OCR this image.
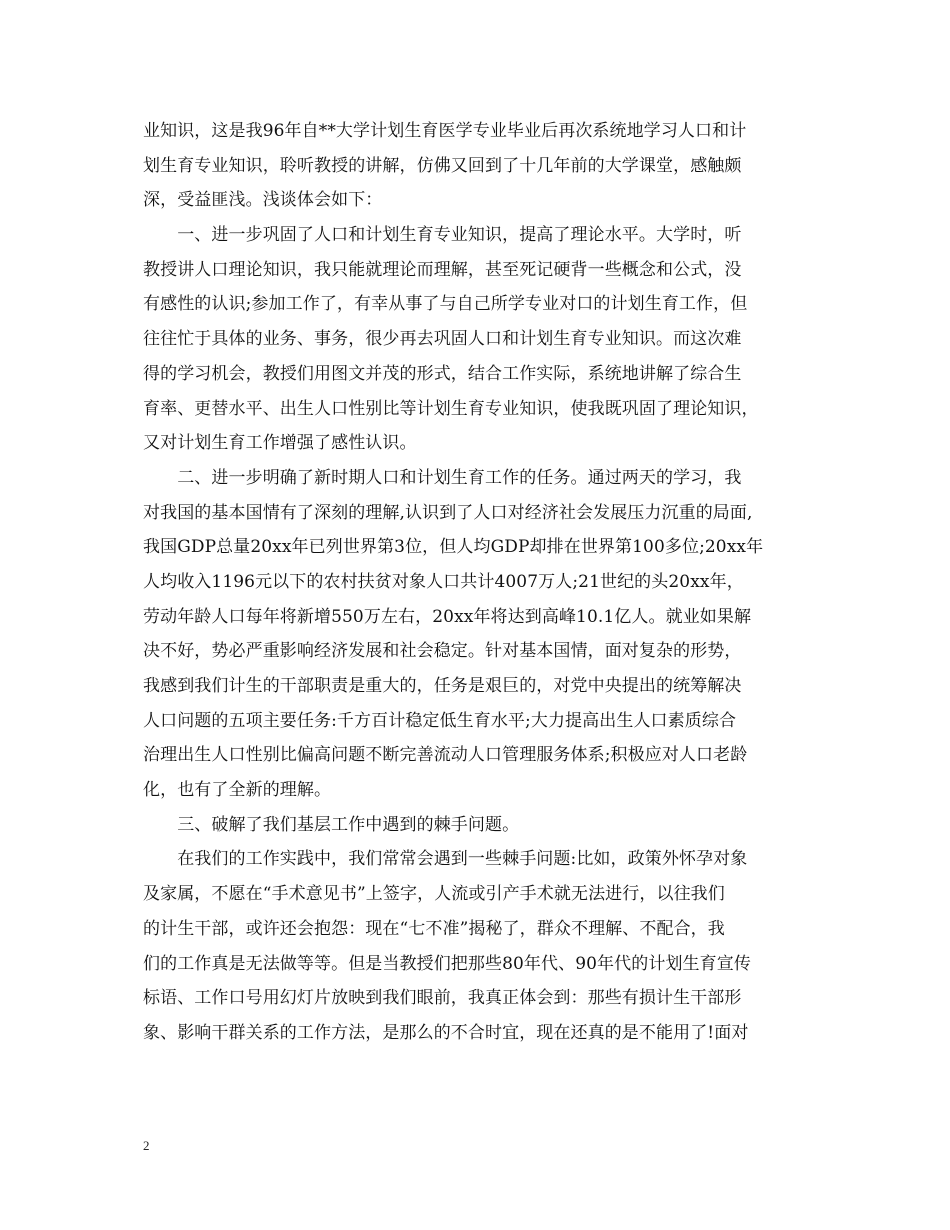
业知识，这是我96年自**大学计划生育医学专业毕业后再次系统地学习人口和计
划生育专业知识，聆听教授的讲解，仿佛又回到了十几年前的大学课堂，感触颇
深，受益匪浅。浅谈体会如下：
　　一、进一步巩固了人口和计划生育专业知识，提高了理论水平。大学时，听
教授讲人口理论知识，我只能就理论而理解，甚至死记硬背一些概念和公式，没
有感性的认识;参加工作了，有幸从事了与自己所学专业对口的计划生育工作，但
往往忙于具体的业务、事务，很少再去巩固人口和计划生育专业知识。而这次难
得的学习机会，教授们用图文并茂的形式，结合工作实际，系统地讲解了综合生
育率、更替水平、出生人口性别比等计划生育专业知识，使我既巩固了理论知识，
又对计划生育工作增强了感性认识。
　　二、进一步明确了新时期人口和计划生育工作的任务。通过两天的学习，我
对我国的基本国情有了深刻的理解,认识到了人口对经济社会发展压力沉重的局面,
我国GDP总量20xx年已列世界第3位，但人均GDP却排在世界第100多位;20xx年
人均收入1196元以下的农村扶贫对象人口共计4007万人;21世纪的头20xx年，
劳动年龄人口每年将新增550万左右，20xx年将达到高峰10.1亿人。就业如果解
决不好，势必严重影响经济发展和社会稳定。针对基本国情，面对复杂的形势，
我感到我们计生的干部职责是重大的，任务是艰巨的，对党中央提出的统筹解决
人口问题的五项主要任务:千方百计稳定低生育水平;大力提高出生人口素质综合
治理出生人口性别比偏高问题不断完善流动人口管理服务体系;积极应对人口老龄
化，也有了全新的理解。
　　三、破解了我们基层工作中遇到的棘手问题。
　　在我们的工作实践中，我们常常会遇到一些棘手问题:比如，政策外怀孕对象
及家属，不愿在“手术意见书”上签字，人流或引产手术就无法进行，以往我们
的计生干部，或许还会抱怨：现在“七不准”揭秘了，群众不理解、不配合，我
们的工作真是无法做等等。但是当教授们把那些80年代、90年代的计划生育宣传
标语、工作口号用幻灯片放映到我们眼前，我真正体会到：那些有损计生干部形
象、影响干群关系的工作方法，是那么的不合时宜，现在还真的是不能用了!面对
2
